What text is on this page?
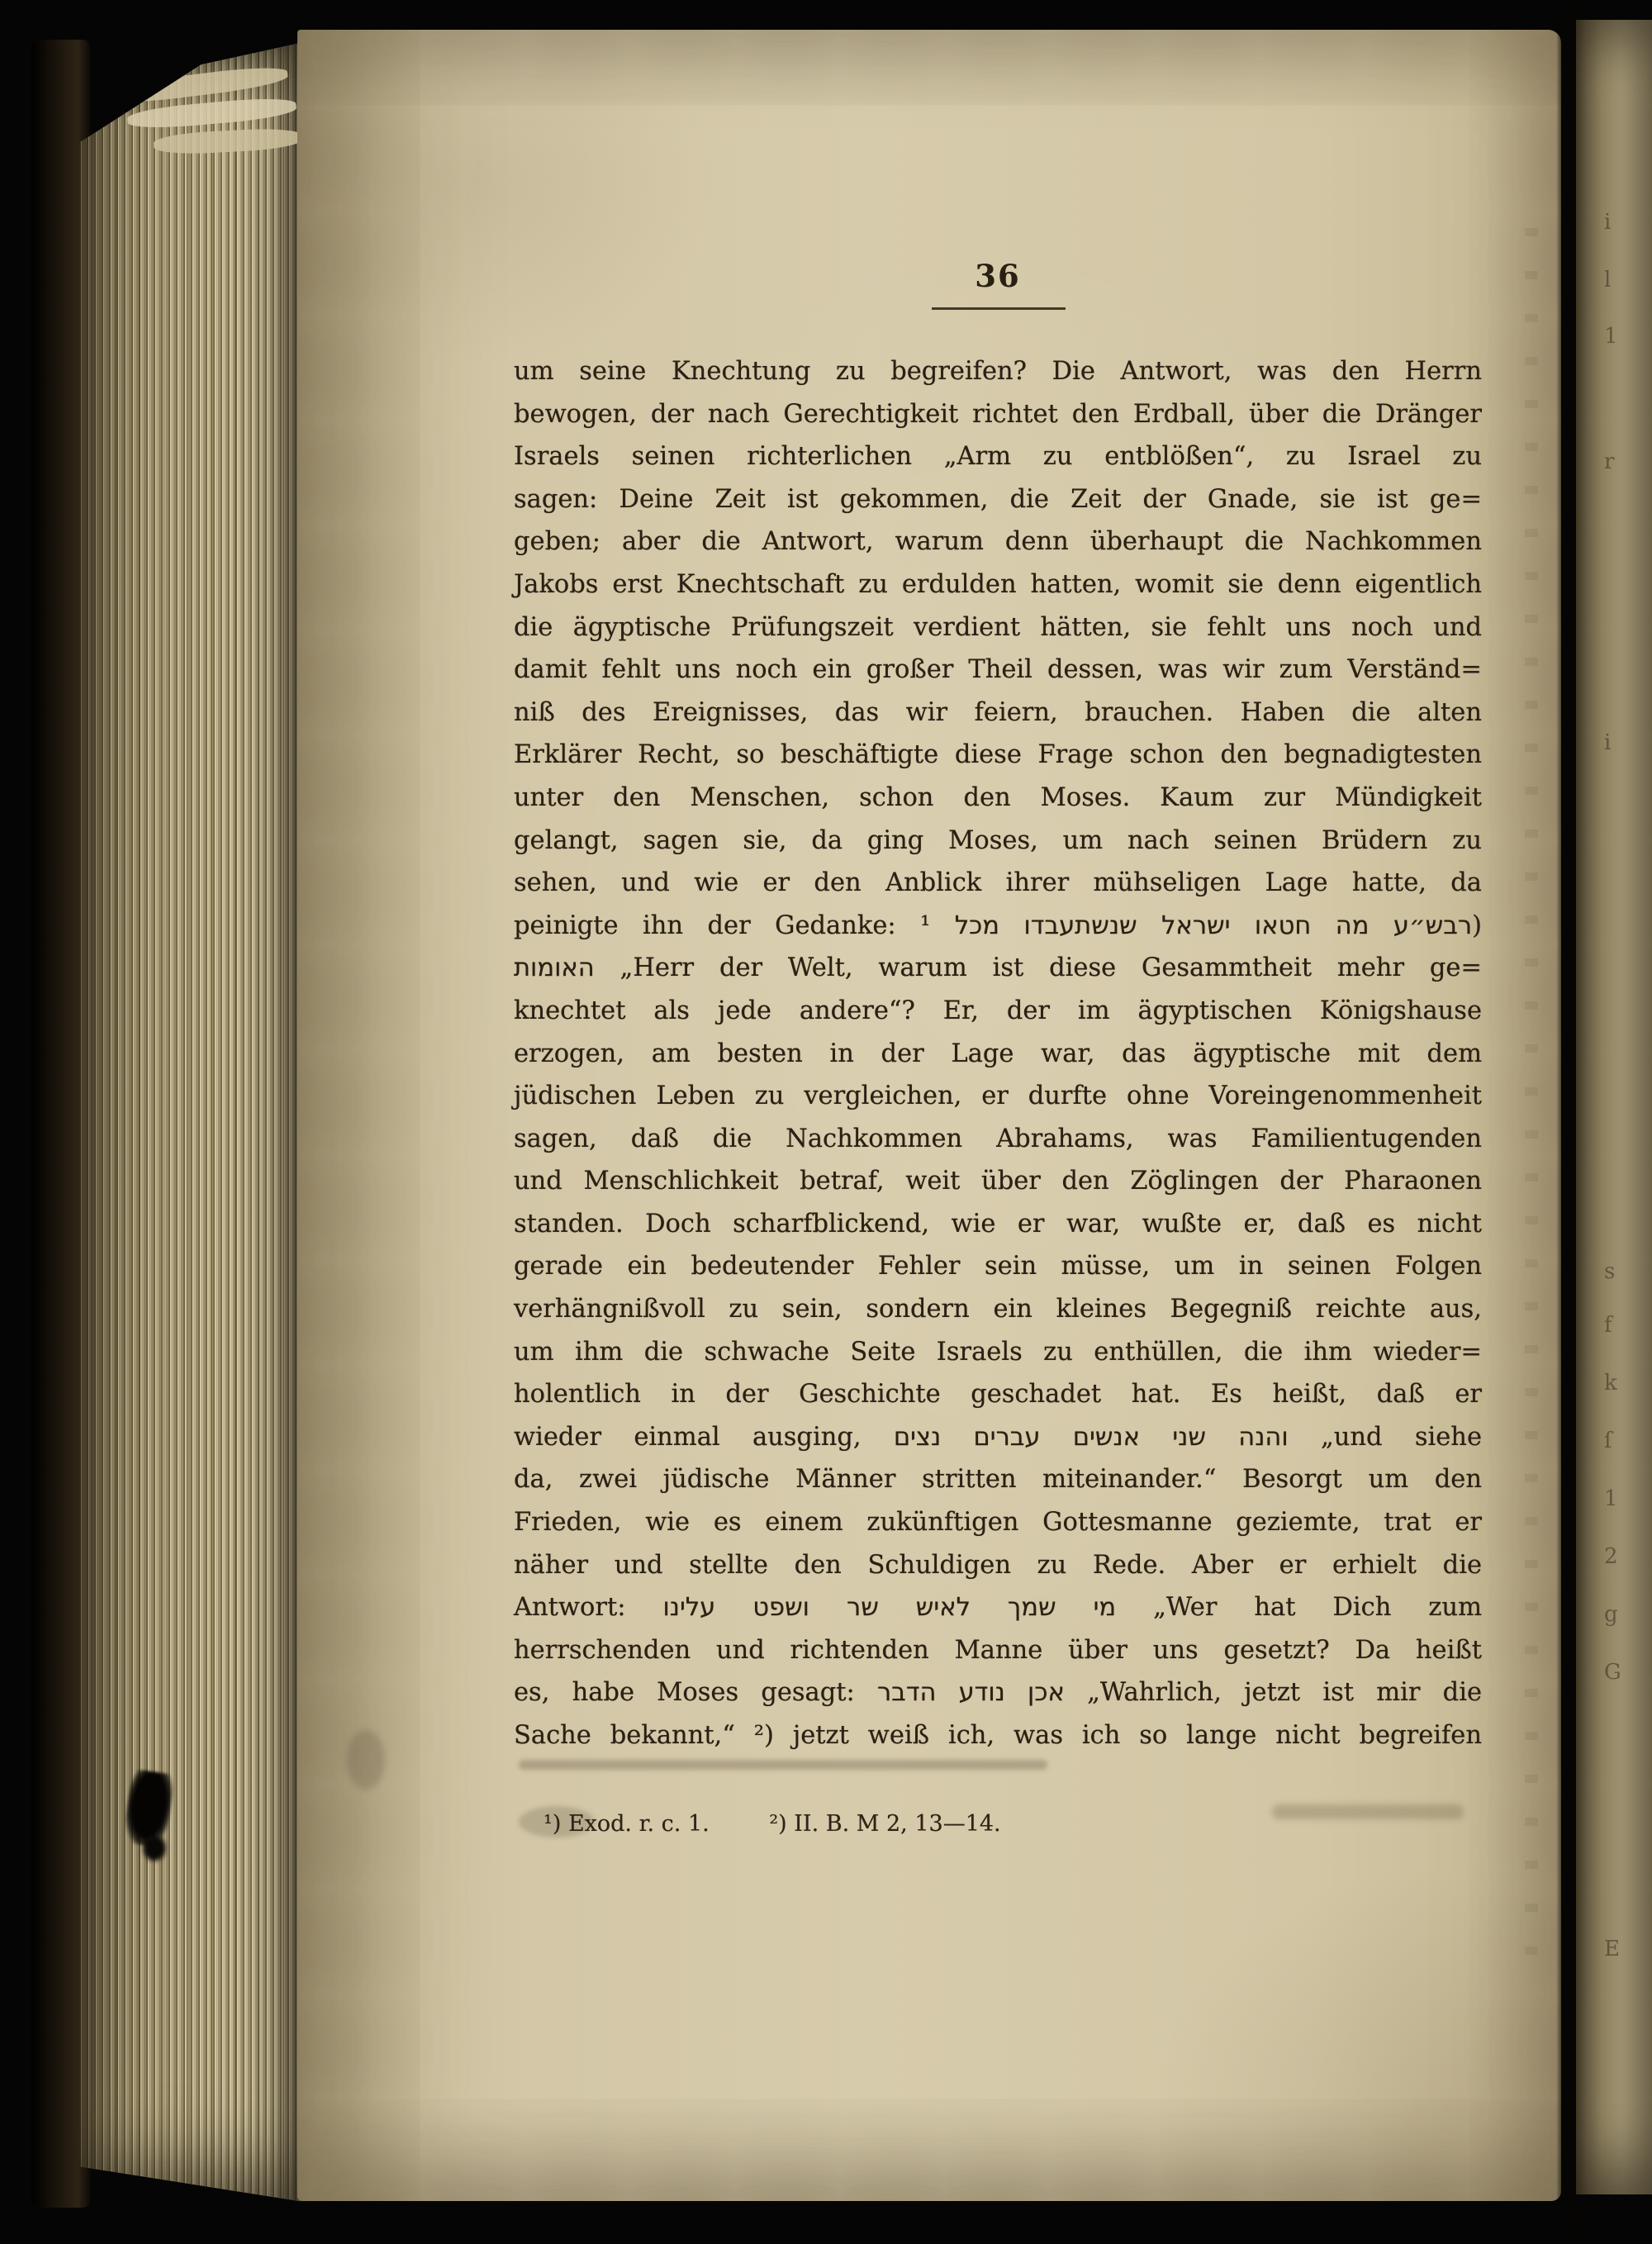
36
um seine Knechtung zu begreifen? Die Antwort, was den Herrn
bewogen, der nach Gerechtigkeit richtet den Erdball, über die Dränger
Israels seinen richterlichen „Arm zu entblößen“, zu Israel zu
sagen: Deine Zeit ist gekommen, die Zeit der Gnade, sie ist ge=
geben; aber die Antwort, warum denn überhaupt die Nachkommen
Jakobs erst Knechtschaft zu erdulden hatten, womit sie denn eigentlich
die ägyptische Prüfungszeit verdient hätten, sie fehlt uns noch und
damit fehlt uns noch ein großer Theil dessen, was wir zum Verständ=
niß des Ereignisses, das wir feiern, brauchen. Haben die alten
Erklärer Recht, so beschäftigte diese Frage schon den begnadigtesten
unter den Menschen, schon den Moses. Kaum zur Mündigkeit
gelangt, sagen sie, da ging Moses, um nach seinen Brüdern zu
sehen, und wie er den Anblick ihrer mühseligen Lage hatte, da
peinigte ihn der Gedanke: רבש״ע מה חטאו ישראל שנשתעבדו מכל ¹)
האומות „Herr der Welt, warum ist diese Gesammtheit mehr ge=
knechtet als jede andere“? Er, der im ägyptischen Königshause
erzogen, am besten in der Lage war, das ägyptische mit dem
jüdischen Leben zu vergleichen, er durfte ohne Voreingenommenheit
sagen, daß die Nachkommen Abrahams, was Familientugenden
und Menschlichkeit betraf, weit über den Zöglingen der Pharaonen
standen. Doch scharfblickend, wie er war, wußte er, daß es nicht
gerade ein bedeutender Fehler sein müsse, um in seinen Folgen
verhängnißvoll zu sein, sondern ein kleines Begegniß reichte aus,
um ihm die schwache Seite Israels zu enthüllen, die ihm wieder=
holentlich in der Geschichte geschadet hat. Es heißt, daß er
wieder einmal ausging, והנה שני אנשים עברים נצים „und siehe
da, zwei jüdische Männer stritten miteinander.“ Besorgt um den
Frieden, wie es einem zukünftigen Gottesmanne geziemte, trat er
näher und stellte den Schuldigen zu Rede. Aber er erhielt die
Antwort: מי שמך לאיש שר ושפט עלינו „Wer hat Dich zum
herrschenden und richtenden Manne über uns gesetzt? Da heißt
es, habe Moses gesagt: אכן נודע הדבר „Wahrlich, jetzt ist mir die
Sache bekannt,“ ²) jetzt weiß ich, was ich so lange nicht begreifen
¹) Exod. r. c. 1.	²) II. B. M 2, 13—14.
i
l
1
r
i
s
f
k
ſ
1
2
g
G
E
